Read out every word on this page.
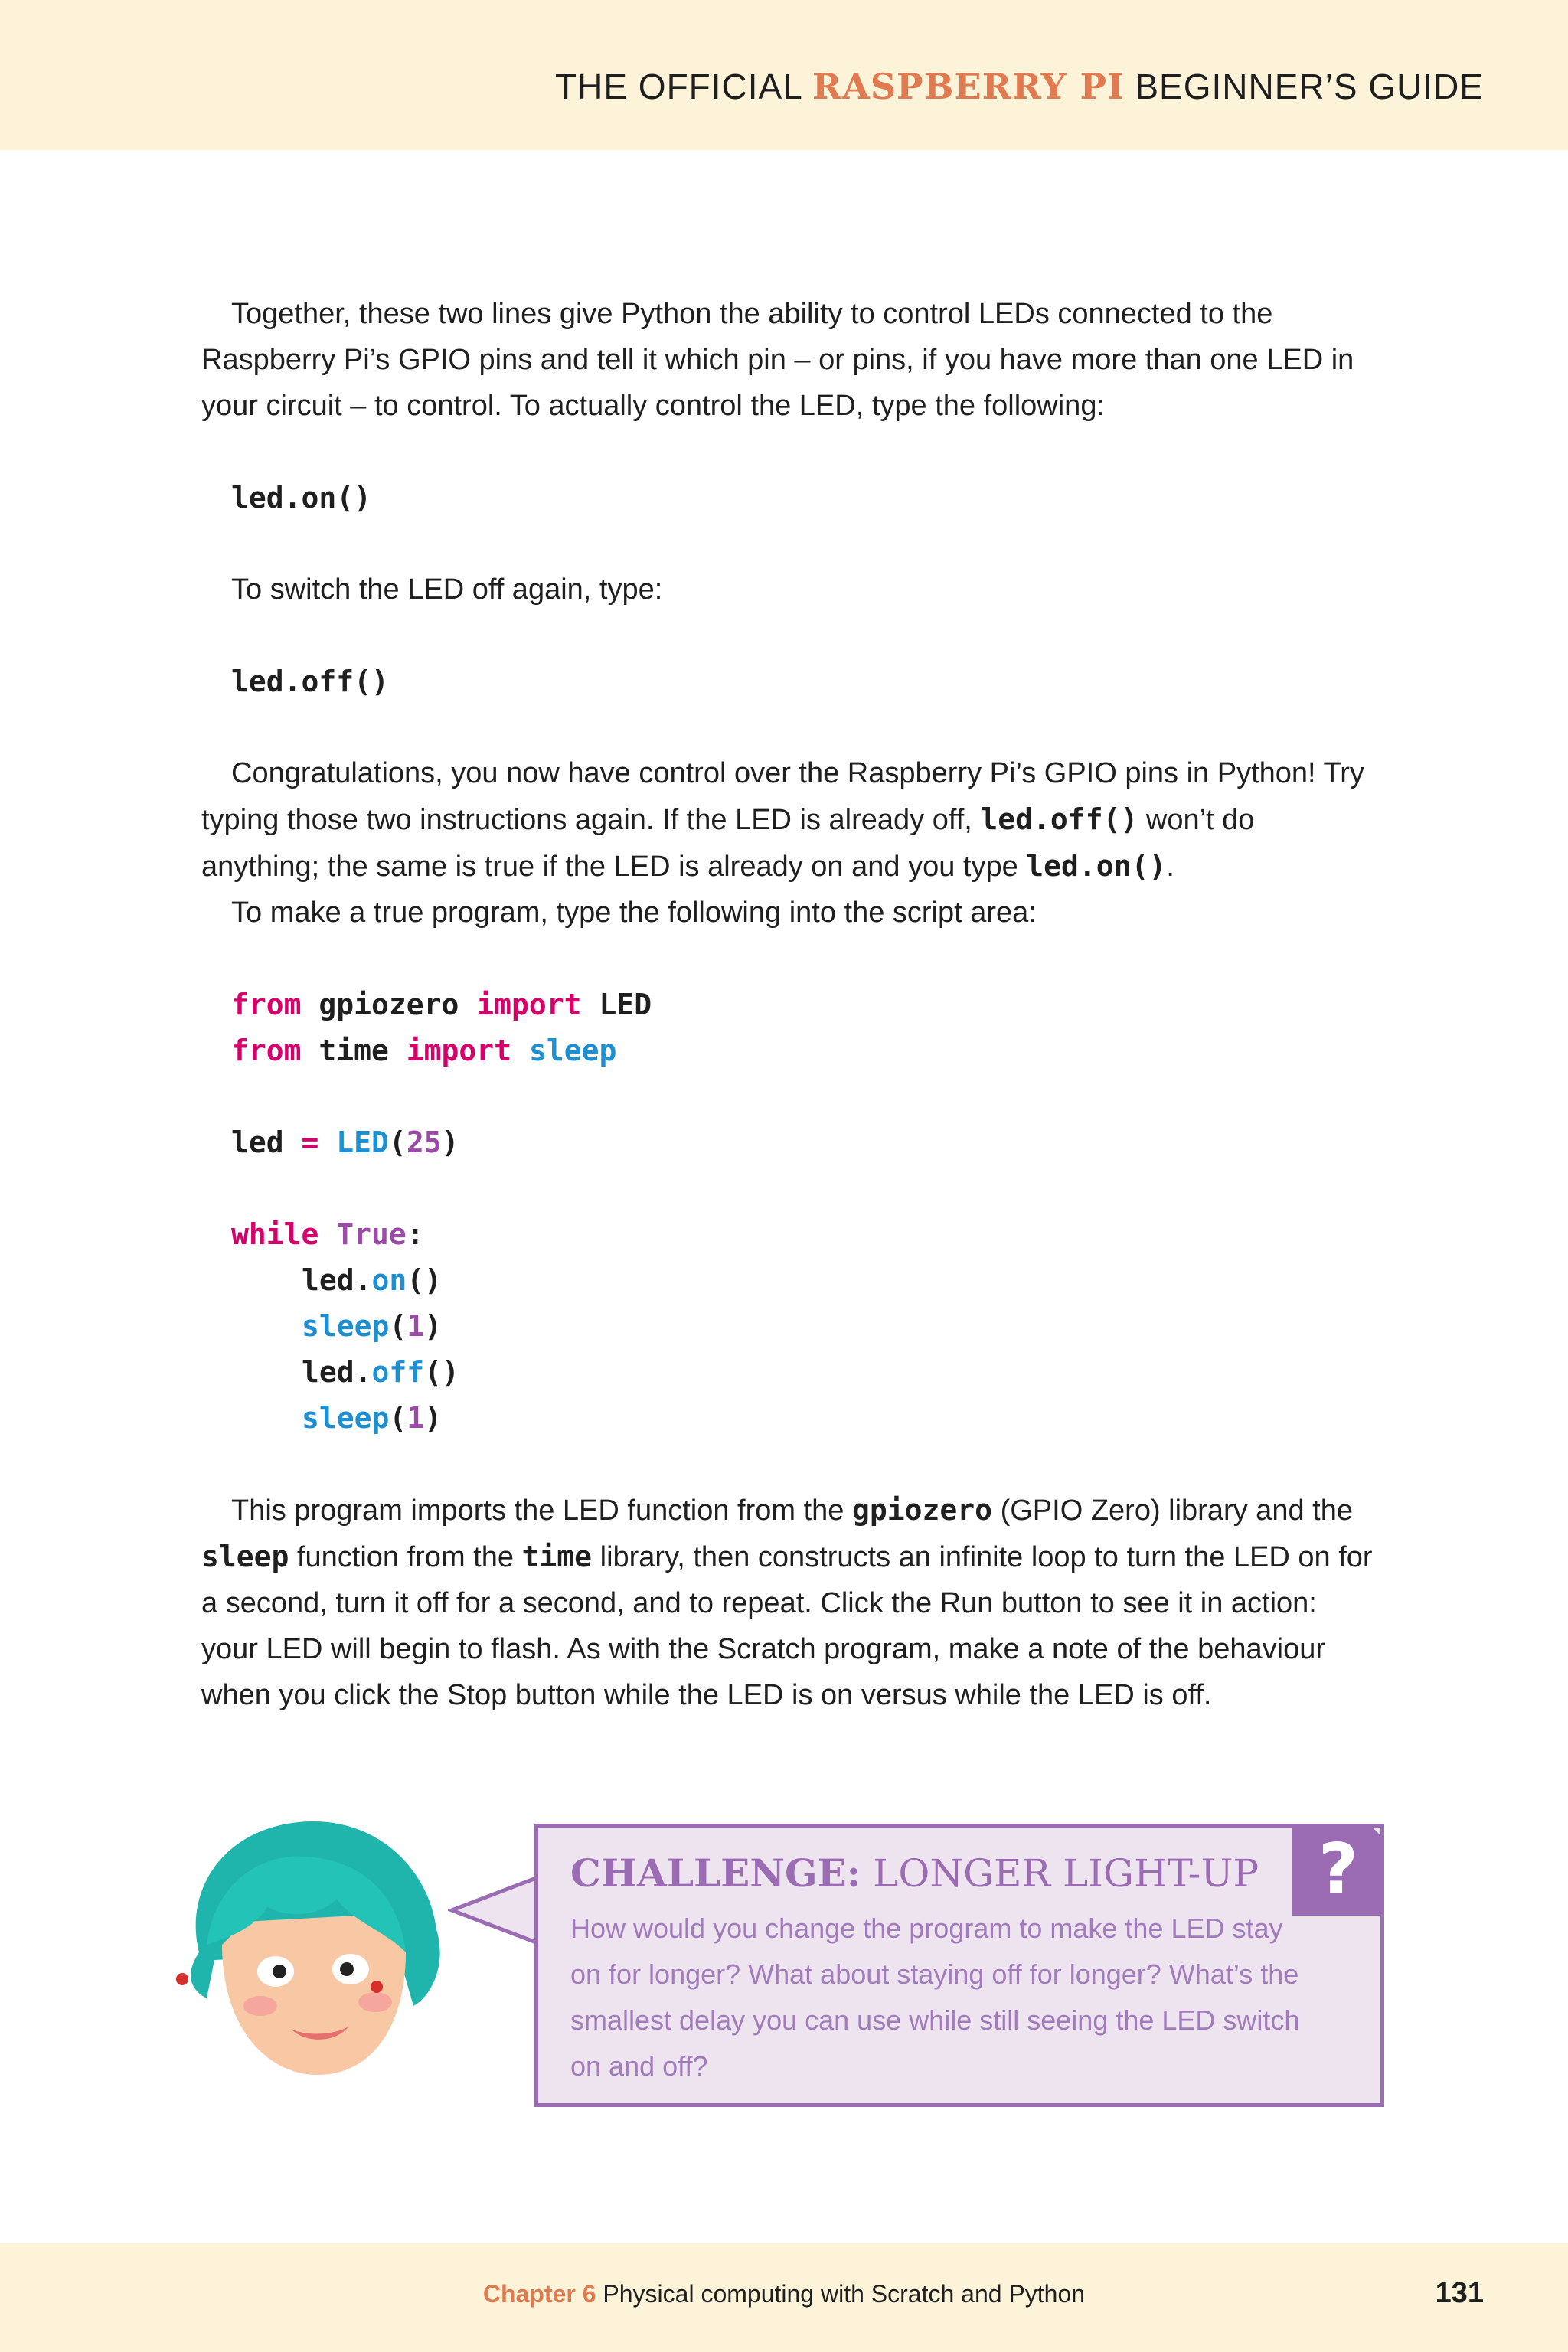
THE OFFICIAL RASPBERRY PI BEGINNER’S GUIDE

Together, these two lines give Python the ability to control LEDs connected to the Raspberry Pi’s GPIO pins and tell it which pin – or pins, if you have more than one LED in your circuit – to control. To actually control the LED, type the following:

led.on()

To switch the LED off again, type:

led.off()

Congratulations, you now have control over the Raspberry Pi’s GPIO pins in Python! Try typing those two instructions again. If the LED is already off, led.off() won’t do anything; the same is true if the LED is already on and you type led.on().

To make a true program, type the following into the script area:

from gpiozero import LED

from time import sleep

led = LED(25)

while True:

led.on()

sleep(1)

led.off()

sleep(1)

This program imports the LED function from the gpiozero (GPIO Zero) library and the sleep function from the time library, then constructs an infinite loop to turn the LED on for a second, turn it off for a second, and to repeat. Click the Run button to see it in action: your LED will begin to flash. As with the Scratch program, make a note of the behaviour when you click the Stop button while the LED is on versus while the LED is off.

?
CHALLENGE: LONGER LIGHT-UP
How would you change the program to make the LED stay on for longer? What about staying off for longer? What’s the smallest delay you can use while still seeing the LED switch on and off?
Chapter 6 Physical computing with Scratch and Python	131
